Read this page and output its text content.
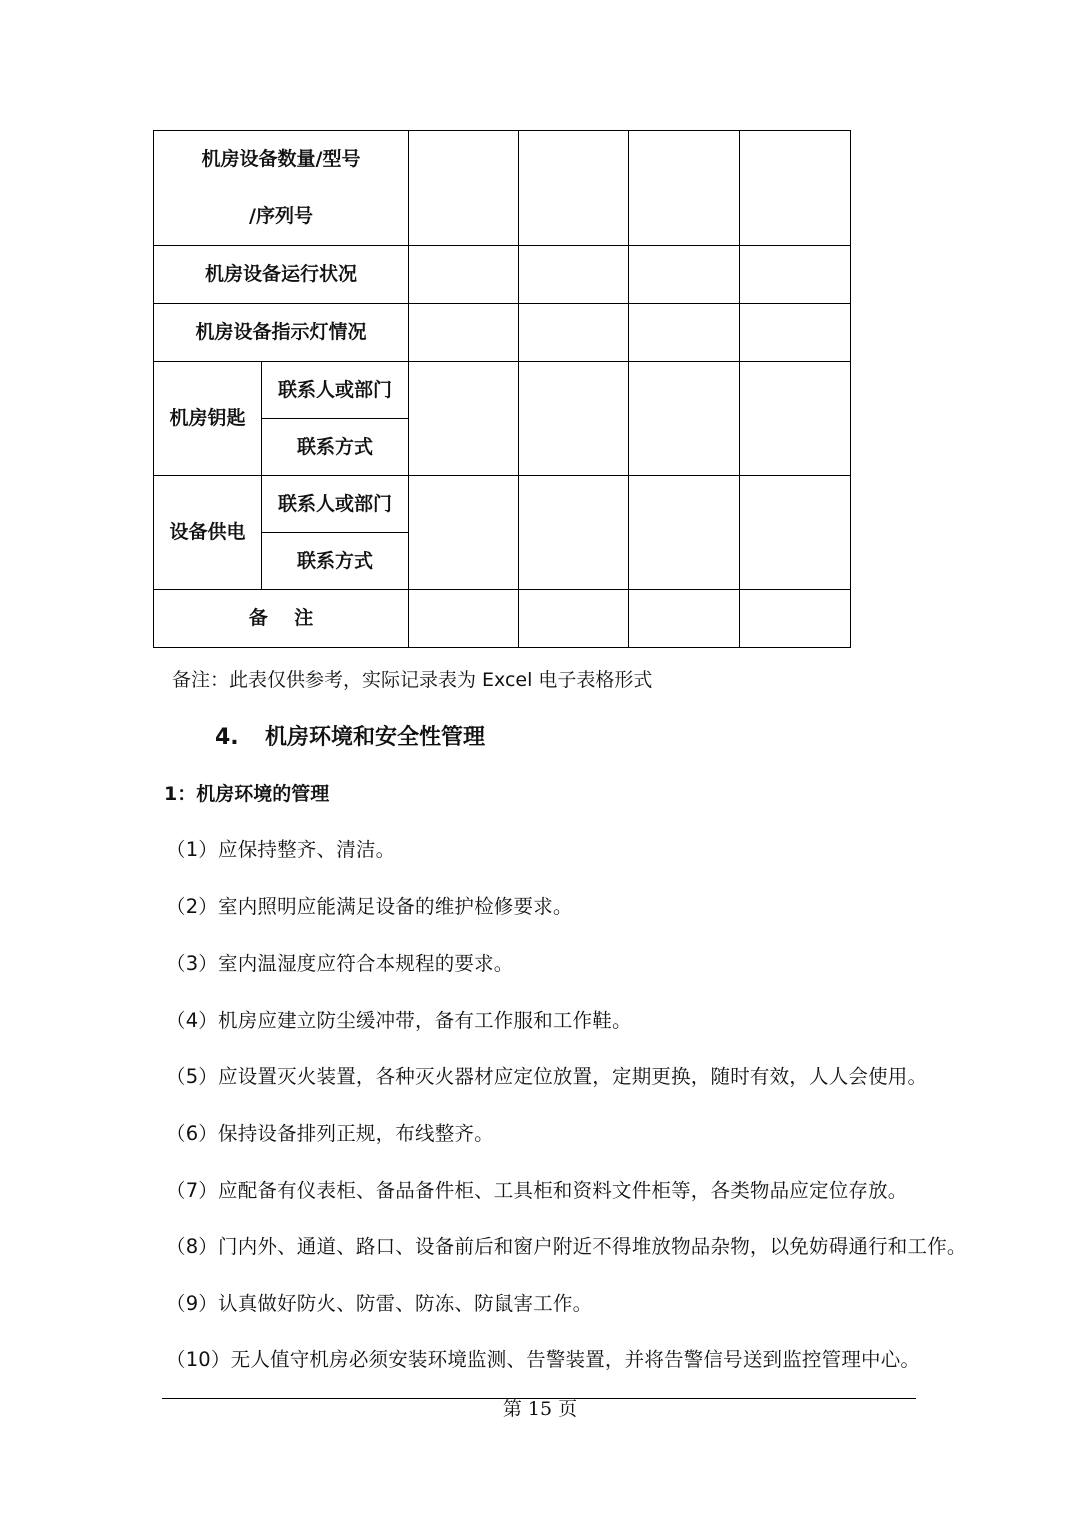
机房设备数量/型号
/序列号					
机房设备运行状况					
机房设备指示灯情况					
机房钥匙	联系人或部门				
	联系方式				
设备供电	联系人或部门				
	联系方式				
备    注					
备注：此表仅供参考，实际记录表为 Excel 电子表格形式
4. 机房环境和安全性管理
1：机房环境的管理
（1）应保持整齐、清洁。
（2）室内照明应能满足设备的维护检修要求。
（3）室内温湿度应符合本规程的要求。
（4）机房应建立防尘缓冲带，备有工作服和工作鞋。
（5）应设置灭火装置，各种灭火器材应定位放置，定期更换，随时有效，人人会使用。
（6）保持设备排列正规，布线整齐。
（7）应配备有仪表柜、备品备件柜、工具柜和资料文件柜等，各类物品应定位存放。
（8）门内外、通道、路口、设备前后和窗户附近不得堆放物品杂物，以免妨碍通行和工作。
（9）认真做好防火、防雷、防冻、防鼠害工作。
（10）无人值守机房必须安装环境监测、告警装置，并将告警信号送到监控管理中心。
第 15 页
